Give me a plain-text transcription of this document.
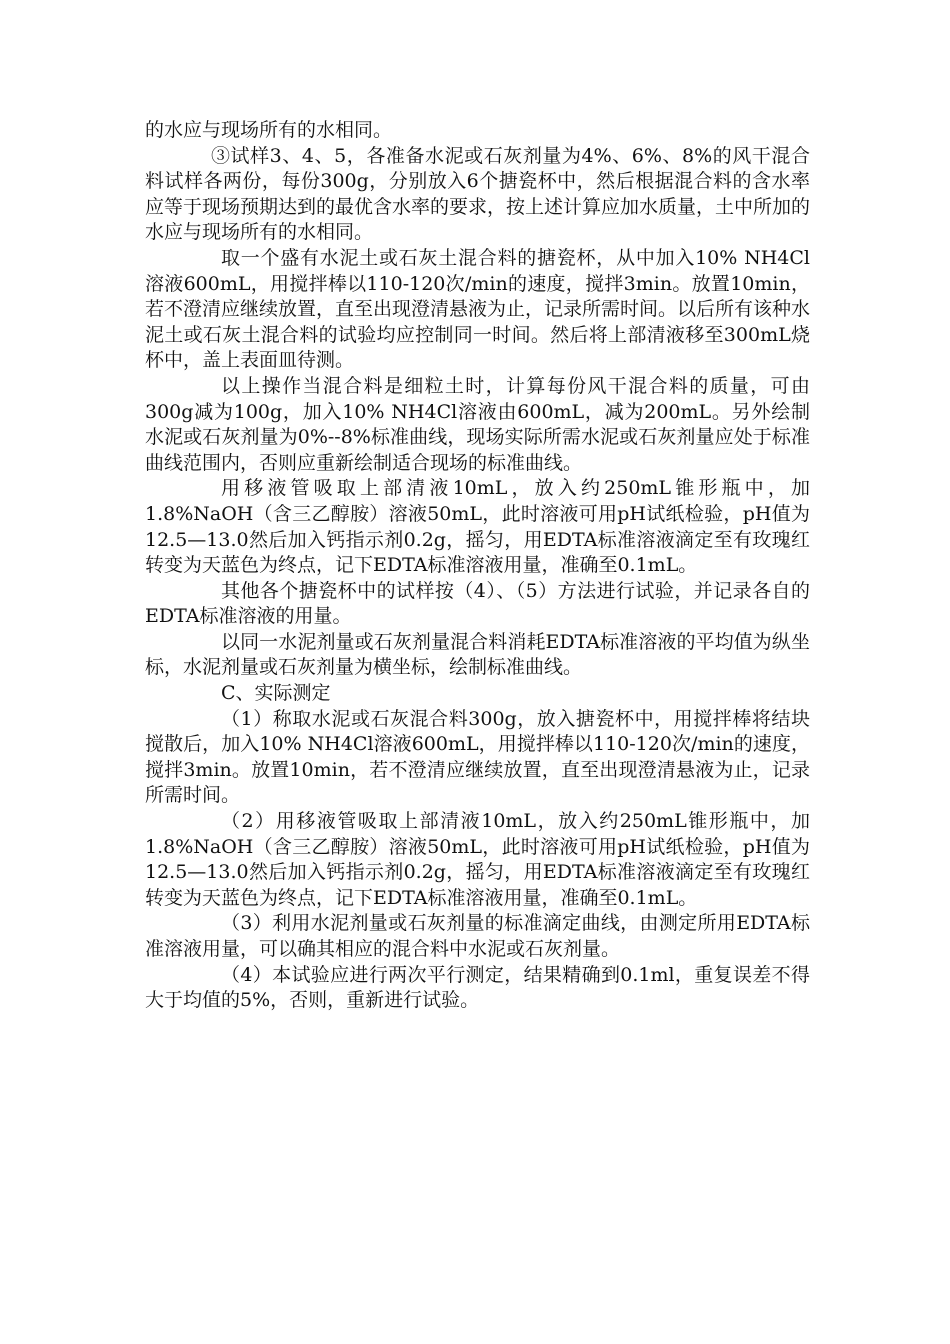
的水应与现场所有的水相同。

③试样3、4、5，各准备水泥或石灰剂量为4%、6%、8%的风干混合料试样各两份，每份300g，分别放入6个搪瓷杯中，然后根据混合料的含水率应等于现场预期达到的最优含水率的要求，按上述计算应加水质量，土中所加的水应与现场所有的水相同。

取一个盛有水泥土或石灰土混合料的搪瓷杯，从中加入10% NH4Cl溶液600mL，用搅拌棒以110-120次/min的速度，搅拌3min。放置10min，若不澄清应继续放置，直至出现澄清悬液为止，记录所需时间。以后所有该种水泥土或石灰土混合料的试验均应控制同一时间。然后将上部清液移至300mL烧杯中，盖上表面皿待测。

以上操作当混合料是细粒土时，计算每份风干混合料的质量，可由300g减为100g，加入10% NH4Cl溶液由600mL，减为200mL。另外绘制水泥或石灰剂量为0%--8%标准曲线，现场实际所需水泥或石灰剂量应处于标准曲线范围内，否则应重新绘制适合现场的标准曲线。

用移液管吸取上部清液10mL，放入约250mL锥形瓶中，加1.8%NaOH（含三乙醇胺）溶液50mL，此时溶液可用pH试纸检验，pH值为12.5—13.0然后加入钙指示剂0.2g，摇匀，用EDTA标准溶液滴定至有玫瑰红转变为天蓝色为终点，记下EDTA标准溶液用量，准确至0.1mL。

其他各个搪瓷杯中的试样按（4）、（5）方法进行试验，并记录各自的EDTA标准溶液的用量。

以同一水泥剂量或石灰剂量混合料消耗EDTA标准溶液的平均值为纵坐标，水泥剂量或石灰剂量为横坐标，绘制标准曲线。

C、实际测定

（1）称取水泥或石灰混合料300g，放入搪瓷杯中，用搅拌棒将结块搅散后，加入10% NH4Cl溶液600mL，用搅拌棒以110-120次/min的速度，搅拌3min。放置10min，若不澄清应继续放置，直至出现澄清悬液为止，记录所需时间。

（2）用移液管吸取上部清液10mL，放入约250mL锥形瓶中，加1.8%NaOH（含三乙醇胺）溶液50mL，此时溶液可用pH试纸检验，pH值为12.5—13.0然后加入钙指示剂0.2g，摇匀，用EDTA标准溶液滴定至有玫瑰红转变为天蓝色为终点，记下EDTA标准溶液用量，准确至0.1mL。

（3）利用水泥剂量或石灰剂量的标准滴定曲线，由测定所用EDTA标准溶液用量，可以确其相应的混合料中水泥或石灰剂量。

（4）本试验应进行两次平行测定，结果精确到0.1ml，重复误差不得大于均值的5%，否则，重新进行试验。
